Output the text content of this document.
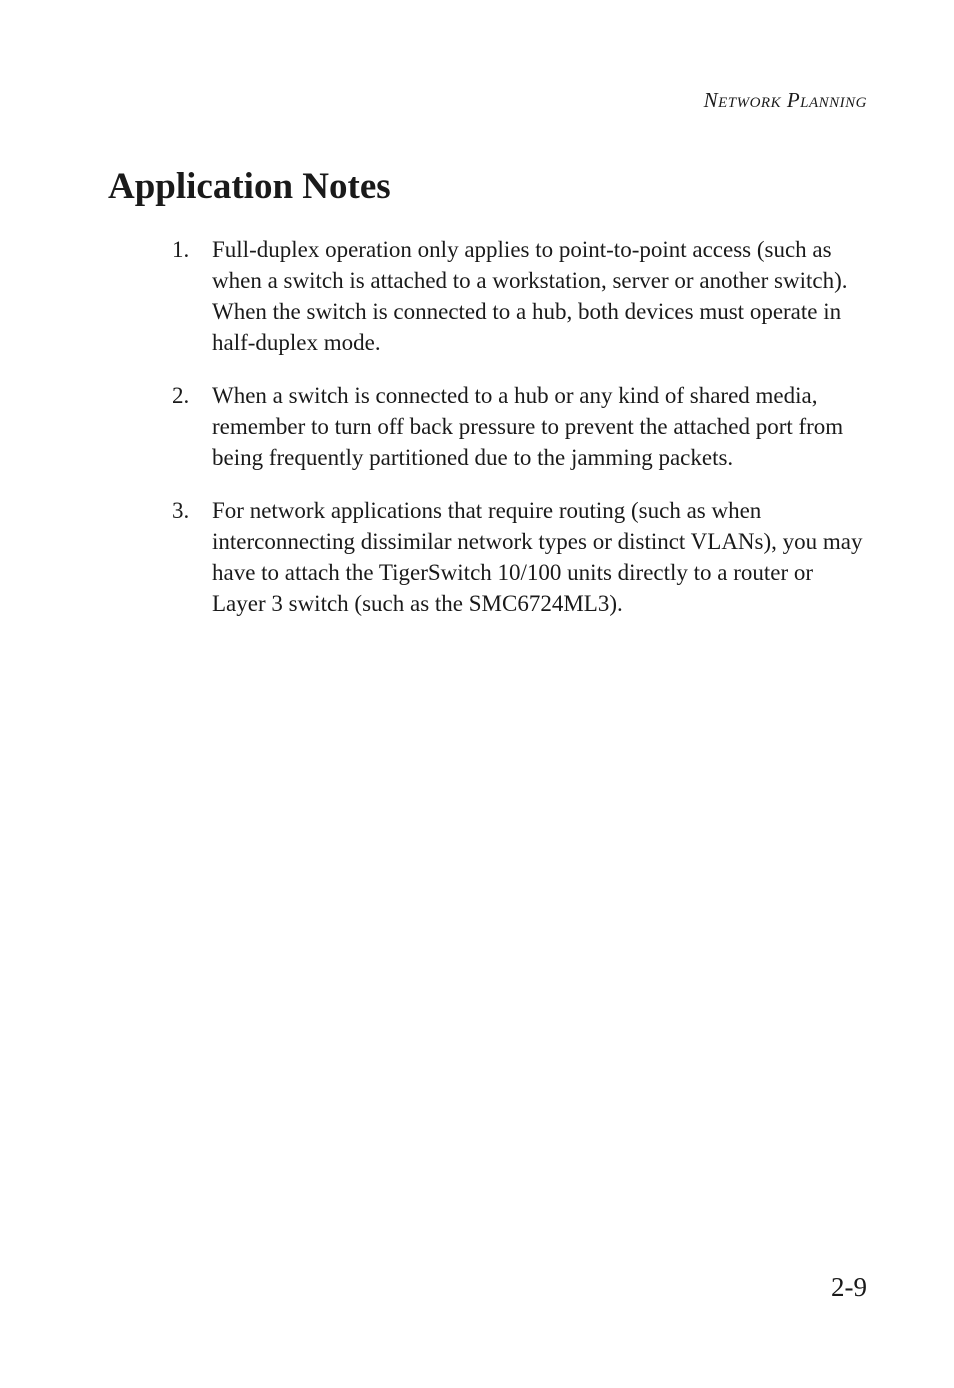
Network Planning
Application Notes
1. Full-duplex operation only applies to point-to-point access (such as when a switch is attached to a workstation, server or another switch). When the switch is connected to a hub, both devices must operate in half-duplex mode.
2. When a switch is connected to a hub or any kind of shared media, remember to turn off back pressure to prevent the attached port from being frequently partitioned due to the jamming packets.
3. For network applications that require routing (such as when interconnecting dissimilar network types or distinct VLANs), you may have to attach the TigerSwitch 10/100 units directly to a router or Layer 3 switch (such as the SMC6724ML3).
2-9
